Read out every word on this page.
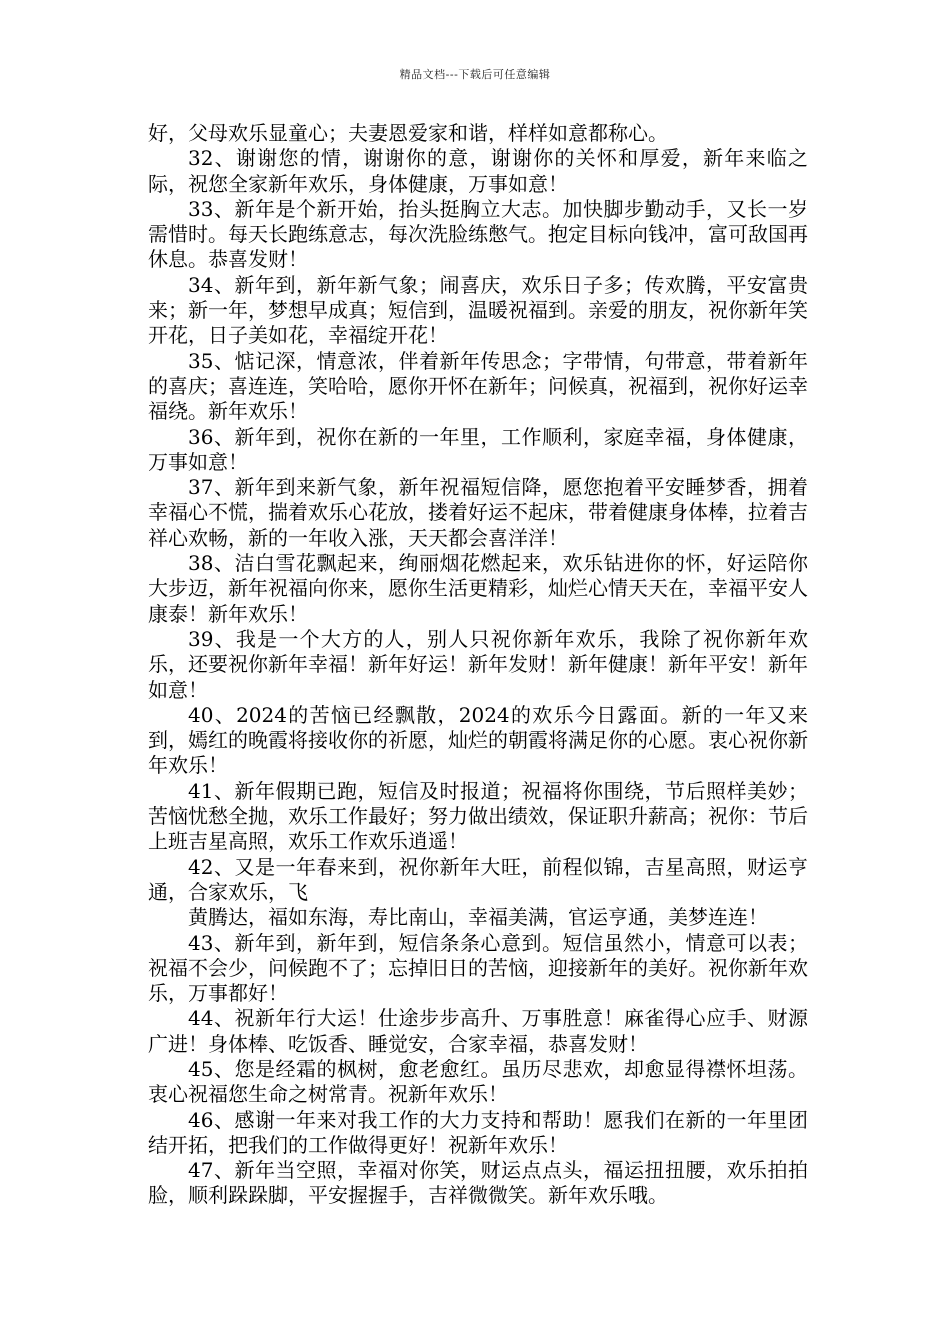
精品文档---下载后可任意编辑

好，父母欢乐显童心；夫妻恩爱家和谐，样样如意都称心。

32、谢谢您的情，谢谢你的意，谢谢你的关怀和厚爱，新年来临之际，祝您全家新年欢乐，身体健康，万事如意！

33、新年是个新开始，抬头挺胸立大志。加快脚步勤动手，又长一岁需惜时。每天长跑练意志，每次洗脸练憋气。抱定目标向钱冲，富可敌国再休息。恭喜发财！

34、新年到，新年新气象；闹喜庆，欢乐日子多；传欢腾，平安富贵来；新一年，梦想早成真；短信到，温暖祝福到。亲爱的朋友，祝你新年笑开花，日子美如花，幸福绽开花！

35、惦记深，情意浓，伴着新年传思念；字带情，句带意，带着新年的喜庆；喜连连，笑哈哈，愿你开怀在新年；问候真，祝福到，祝你好运幸福绕。新年欢乐！

36、新年到，祝你在新的一年里，工作顺利，家庭幸福，身体健康，万事如意！

37、新年到来新气象，新年祝福短信降，愿您抱着平安睡梦香，拥着幸福心不慌，揣着欢乐心花放，搂着好运不起床，带着健康身体棒，拉着吉祥心欢畅，新的一年收入涨，天天都会喜洋洋！

38、洁白雪花飘起来，绚丽烟花燃起来，欢乐钻进你的怀，好运陪你大步迈，新年祝福向你来，愿你生活更精彩，灿烂心情天天在，幸福平安人康泰！新年欢乐！

39、我是一个大方的人，别人只祝你新年欢乐，我除了祝你新年欢乐，还要祝你新年幸福！新年好运！新年发财！新年健康！新年平安！新年如意！

40、2024的苦恼已经飘散，2024的欢乐今日露面。新的一年又来到，嫣红的晚霞将接收你的祈愿，灿烂的朝霞将满足你的心愿。衷心祝你新年欢乐！

41、新年假期已跑，短信及时报道；祝福将你围绕，节后照样美妙；苦恼忧愁全抛，欢乐工作最好；努力做出绩效，保证职升薪高；祝你：节后上班吉星高照，欢乐工作欢乐逍遥！

42、又是一年春来到，祝你新年大旺，前程似锦，吉星高照，财运亨通，合家欢乐，飞

黄腾达，福如东海，寿比南山，幸福美满，官运亨通，美梦连连！

43、新年到，新年到，短信条条心意到。短信虽然小，情意可以表；祝福不会少，问候跑不了；忘掉旧日的苦恼，迎接新年的美好。祝你新年欢乐，万事都好！

44、祝新年行大运！仕途步步高升、万事胜意！麻雀得心应手、财源广进！身体棒、吃饭香、睡觉安，合家幸福，恭喜发财！

45、您是经霜的枫树，愈老愈红。虽历尽悲欢，却愈显得襟怀坦荡。衷心祝福您生命之树常青。祝新年欢乐！

46、感谢一年来对我工作的大力支持和帮助！愿我们在新的一年里团结开拓，把我们的工作做得更好！祝新年欢乐！

47、新年当空照，幸福对你笑，财运点点头，福运扭扭腰，欢乐拍拍脸，顺利跺跺脚，平安握握手，吉祥微微笑。新年欢乐哦。
